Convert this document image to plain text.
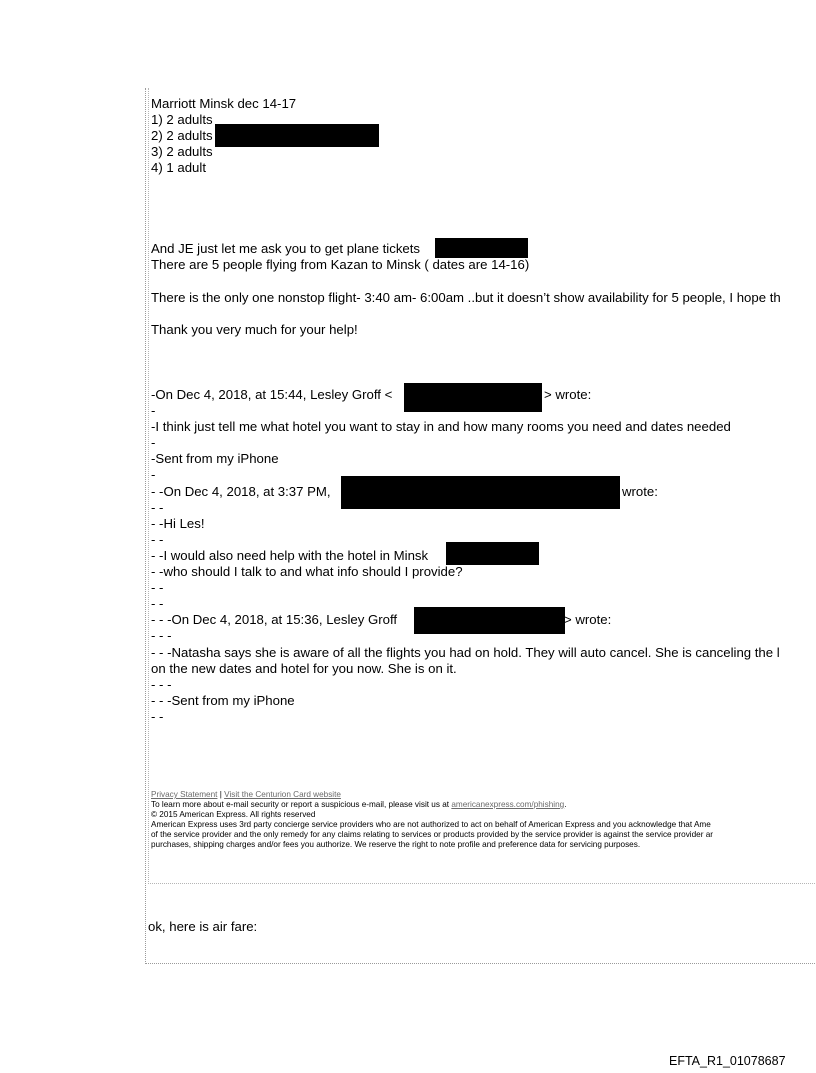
Marriott Minsk dec 14-17
1) 2 adults
2) 2 adults
3) 2 adults
4) 1 adult
And JE just let me ask you to get plane tickets
There are 5 people flying from Kazan to Minsk ( dates are 14-16)
There is the only one nonstop flight- 3:40 am- 6:00am ..but it doesn’t show availability for 5 people, I hope th
Thank you very much for your help!
-On Dec 4, 2018, at 15:44, Lesley Groff <	> wrote:
-
-I think just tell me what hotel you want to stay in and how many rooms you need and dates needed
-
-Sent from my iPhone
-
- -On Dec 4, 2018, at 3:37 PM,	wrote:
- -
- -Hi Les!
- -
- -I would also need help with the hotel in Minsk
- -who should I talk to and what info should I provide?
- -
- -
- - -On Dec 4, 2018, at 15:36, Lesley Groff	> wrote:
- - -
- - -Natasha says she is aware of all the flights you had on hold. They will auto cancel. She is canceling the l
on the new dates and hotel for you now. She is on it.
- - -
- - -Sent from my iPhone
- -
Privacy Statement | Visit the Centurion Card website
To learn more about e-mail security or report a suspicious e-mail, please visit us at americanexpress.com/phishing.
© 2015 American Express. All rights reserved
American Express uses 3rd party concierge service providers who are not authorized to act on behalf of American Express and you acknowledge that Ame
of the service provider and the only remedy for any claims relating to services or products provided by the service provider is against the service provider ar
purchases, shipping charges and/or fees you authorize. We reserve the right to note profile and preference data for servicing purposes.
ok, here is air fare:
EFTA_R1_01078687
